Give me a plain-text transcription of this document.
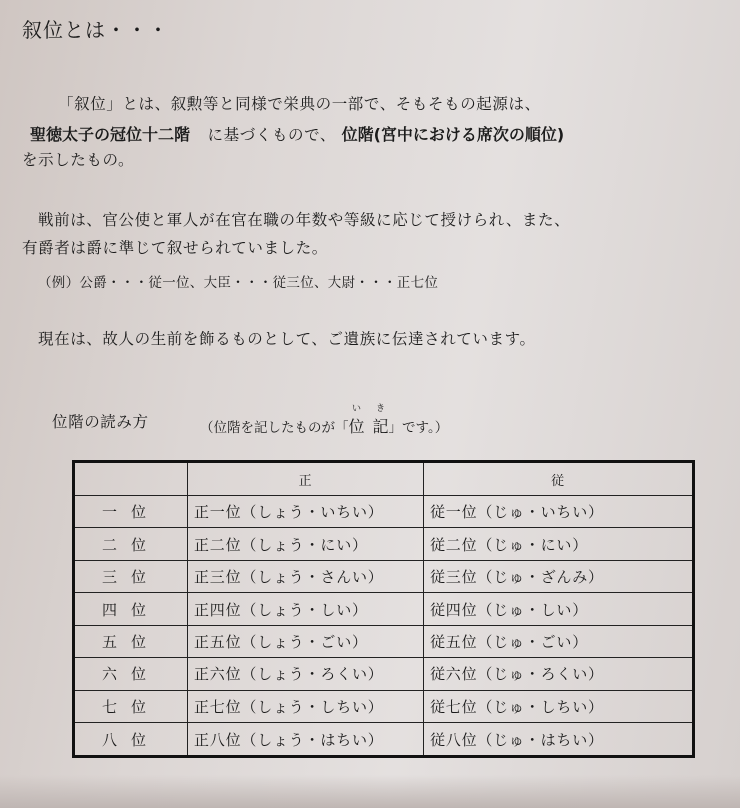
叙位とは・・・
「叙位」とは、叙勲等と同様で栄典の一部で、そもそもの起源は、
聖徳太子の冠位十二階 に基づくもので、 位階(宮中における席次の順位)
を示したもの。
戦前は、官公使と軍人が在官在職の年数や等級に応じて授けられ、また、
有爵者は爵に準じて叙せられていました。
（例）公爵・・・従一位、大臣・・・従三位、大尉・・・正七位
現在は、故人の生前を飾るものとして、ご遺族に伝達されています。
位階の読み方	（位階を記したものが「
い
位
き
記」です。）
	正	従
一位	正一位（しょう・いちい）	従一位（じゅ・いちい）
二位	正二位（しょう・にい）	従二位（じゅ・にい）
三位	正三位（しょう・さんい）	従三位（じゅ・ざんみ）
四位	正四位（しょう・しい）	従四位（じゅ・しい）
五位	正五位（しょう・ごい）	従五位（じゅ・ごい）
六位	正六位（しょう・ろくい）	従六位（じゅ・ろくい）
七位	正七位（しょう・しちい）	従七位（じゅ・しちい）
八位	正八位（しょう・はちい）	従八位（じゅ・はちい）
